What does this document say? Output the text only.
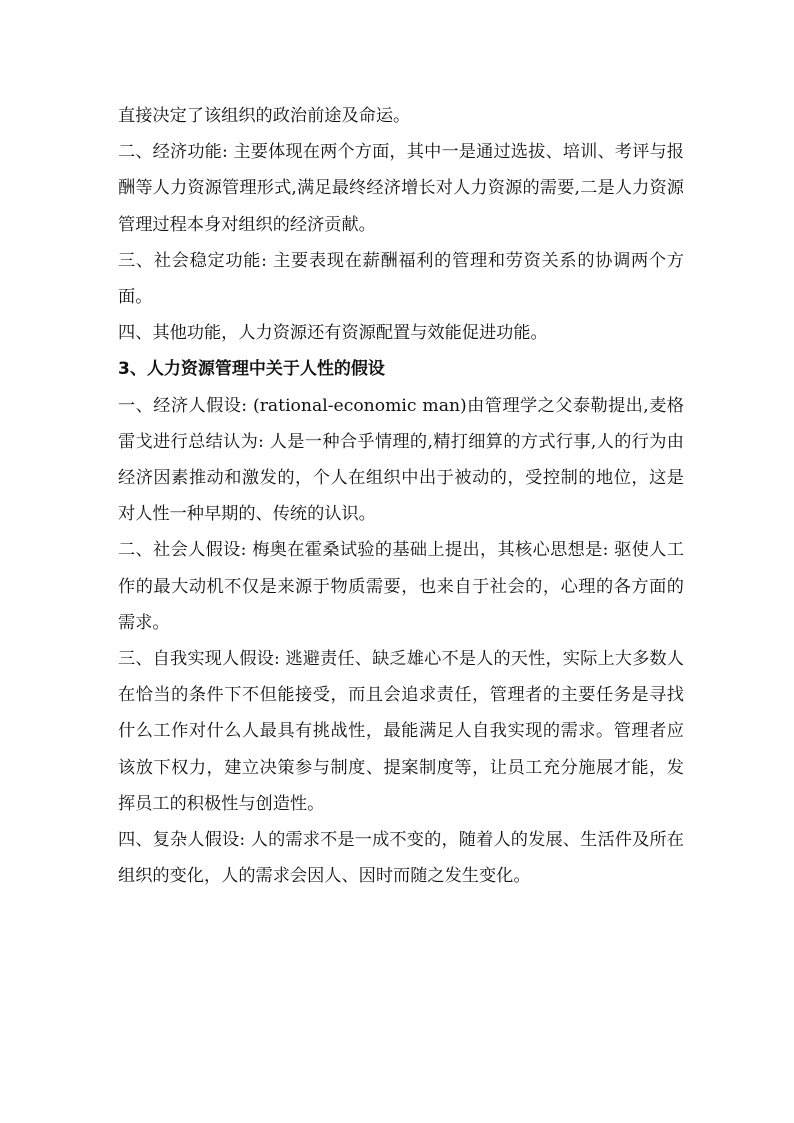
直接决定了该组织的政治前途及命运。

二、经济功能: 主要体现在两个方面，其中一是通过选拔、培训、考评与报酬等人力资源管理形式,满足最终经济增长对人力资源的需要,二是人力资源管理过程本身对组织的经济贡献。

三、社会稳定功能: 主要表现在薪酬福利的管理和劳资关系的协调两个方面。

四、其他功能，人力资源还有资源配置与效能促进功能。

3、人力资源管理中关于人性的假设

一、经济人假设: (rational-economic man)由管理学之父泰勒提出,麦格雷戈进行总结认为: 人是一种合乎情理的,精打细算的方式行事,人的行为由经济因素推动和激发的，个人在组织中出于被动的，受控制的地位，这是对人性一种早期的、传统的认识。

二、社会人假设: 梅奥在霍桑试验的基础上提出，其核心思想是: 驱使人工作的最大动机不仅是来源于物质需要，也来自于社会的，心理的各方面的需求。

三、自我实现人假设: 逃避责任、缺乏雄心不是人的天性，实际上大多数人在恰当的条件下不但能接受，而且会追求责任，管理者的主要任务是寻找什么工作对什么人最具有挑战性，最能满足人自我实现的需求。管理者应该放下权力，建立决策参与制度、提案制度等，让员工充分施展才能，发挥员工的积极性与创造性。

四、复杂人假设: 人的需求不是一成不变的，随着人的发展、生活件及所在组织的变化，人的需求会因人、因时而随之发生变化。
